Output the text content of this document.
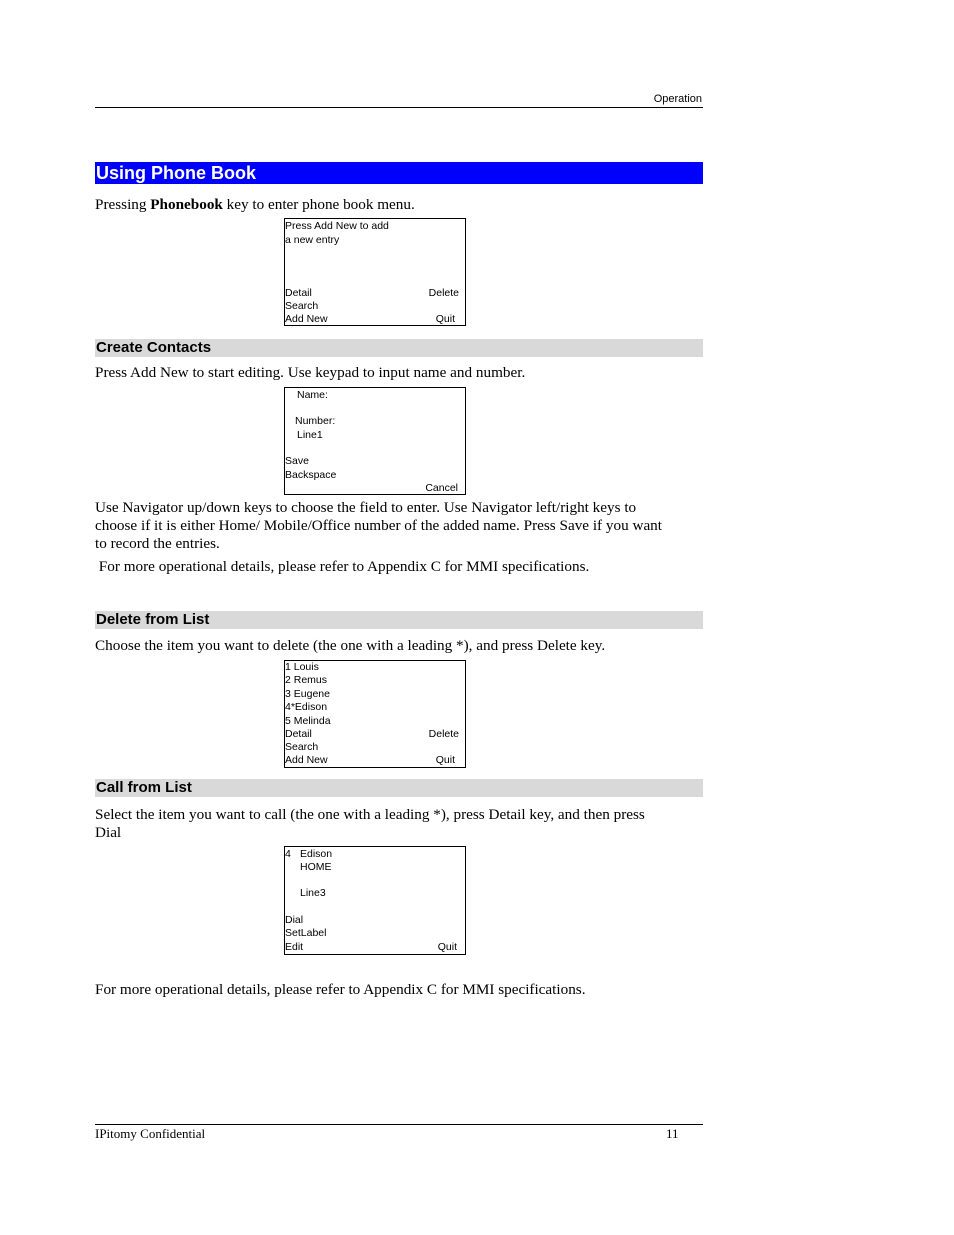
Operation
Using Phone Book
Pressing Phonebook key to enter phone book menu.
Press Add New to add
a new entry
Detail	Delete
Search
Add New	Quit
Create Contacts
Press Add New to start editing. Use keypad to input name and number.
Name:
Number:
Line1
Save
Backspace
Cancel
Use Navigator up/down keys to choose the field to enter. Use Navigator left/right keys to
choose if it is either Home/ Mobile/Office number of the added name. Press Save if you want
to record the entries.
For more operational details, please refer to Appendix C for MMI specifications.
Delete from List
Choose the item you want to delete (the one with a leading *), and press Delete key.
1 Louis
2 Remus
3 Eugene
4*Edison
5 Melinda
Detail	Delete
Search
Add New	Quit
Call from List
Select the item you want to call (the one with a leading *), press Detail key, and then press
Dial
4 Edison
HOME
Line3
Dial
SetLabel
Edit	Quit
For more operational details, please refer to Appendix C for MMI specifications.
IPitomy Confidential	11
